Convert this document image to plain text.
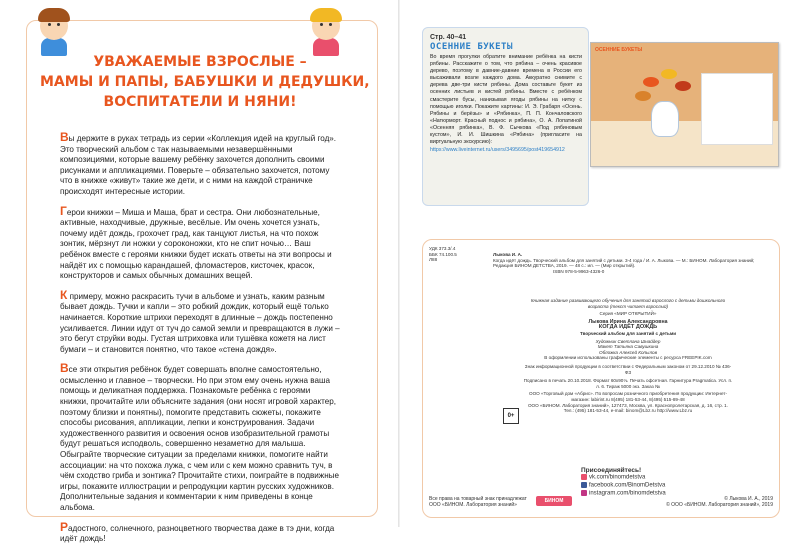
УВАЖАЕМЫЕ ВЗРОСЛЫЕ –
МАМЫ И ПАПЫ, БАБУШКИ И ДЕДУШКИ,
ВОСПИТАТЕЛИ И НЯНИ!

Вы держите в руках тетрадь из серии «Коллекция идей на круглый год». Это творческий альбом с так называемыми незавершёнными композициями, которые вашему ребёнку захочется дополнить своими рисунками и аппликациями. Поверьте – обязательно захочется, потому что в книжке «живут» такие же дети, и с ними на каждой страничке происходят интересные истории.

Герои книжки – Миша и Маша, брат и сестра. Они любознательные, активные, находчивые, дружные, весёлые. Им очень хочется узнать, почему идёт дождь, грохочет град, как танцуют листья, на что похож зонтик, мёрзнут ли ножки у сороконожки, кто не спит ночью… Ваш ребёнок вместе с героями книжки будет искать ответы на эти вопросы и найдёт их с помощью карандашей, фломастеров, кисточек, красок, конструкторов и самых обычных домашних вещей.

К примеру, можно раскрасить тучи в альбоме и узнать, каким разным бывает дождь. Тучки и капли – это робкий дождик, который ещё только начинается. Короткие штрихи переходят в длинные – дождь постепенно усиливается. Линии идут от туч до самой земли и превращаются в лужи – это бегут струйки воды. Густая штриховка или тушёвка кожетя на лист бумаги – и становится понятно, что такое «стена дождя».

Все эти открытия ребёнок будет совершать вполне самостоятельно, осмысленно и главное – творчески. Но при этом ему очень нужна ваша помощь и деликатная поддержка. Познакомьте ребёнка с героями книжки, прочитайте или объясните задания (они носят игровой характер, поэтому близки и понятны), помогите представить сюжеты, покажите способы рисования, аппликации, лепки и конструирования. Задачи художественного развития и освоения основ изобразительной грамоты будут решаться исподволь, совершенно незаметно для малыша. Обыграйте творческие ситуации за пределами книжки, помогите найти ассоциации: на что похожа лужа, с чем или с кем можно сравнить туч, в чём сходство гриба и зонтика? Прочитайте стихи, поиграйте в подвижные игры, покажите иллюстрации и репродукции картин русских художников. Дополнительные задания и комментарии к ним приведены в конце альбома.

Радостного, солнечного, разноцветного творчества даже в тэ дни, когда идёт дождь!

Стр. 40–41
ОСЕННИЕ БУКЕТЫ
Во время прогулки обратите внимание ребёнка на кисти рябины. Расскажите о том, что рябина – очень красивое дерево, поэтому в давние-давние времена в России его высаживали возле каждого дома. Аккуратно снимите с дерева две-три кисти рябины. Дома составьте букет из осенних листьев и кистей рябины. Вместе с ребёнком смастерите бусы, нанизывая ягоды рябины на нитку с помощью иголки. Покажите картины: И. Э. Грабаря «Осень. Рябины и берёзы» и «Рябинка», П. П. Кончаловского «Натюрморт. Красный поднос и рябина», О. А. Лопатиной «Осенняя рябинка», В. Ф. Сычкова «Под рябиновым кустом», И. И. Шишкина «Рябина» (пригласите на виртуальную экскурсию):
https://www.liveinternet.ru/users/3495695/post419654912
ОСЕННИЕ БУКЕТЫ
УДК 373.3/.4
ББК 74.100.5
Л88
Лыкова И. А.
Когда идёт дождь. Творческий альбом для занятий с детьми. 3-4 года / И. А. Лыкова. — М.: БИНОМ. Лаборатория знаний; Редакция БИНОМ ДЕТСТВА, 2019. — 48 с.: ил. — (Мир открытий).
ISBN 978-5-9963-4326-0
Книжная издание развивающего обучения для занятий взрослого с детьми дошкольного возраста (текст читает взрослый)
Серия «МИР ОТКРЫТИЙ»
Лыкова Ирина Александровна
КОГДА ИДЁТ ДОЖДЬ
Творческий альбом для занятий с детьми
Художник Светлана Шнайдер
Макет Татьяна Савушкина
Обложка Алексей Копылов
В оформлении использованы графические элементы с ресурса FREEPIK.com
Знак информационной продукции в соответствии с Федеральным законом от 29.12.2010 № 436-ФЗ
Подписано в печать 20.10.2018. Формат 60х90⅛. Печать офсетная. Гарнитура Pragmatica. Усл. п. л. 6. Тираж 5000 экз. Заказ №
ООО «Торговый дом «Абрис». По вопросам розничного приобретения продукции: Интернет-магазин: labirint.ru 8(495) 181-53-44, 8(495) 515-89-48
ООО «БИНОМ. Лаборатория знаний», 127473, Москва, ул. Краснопролетарская, д. 16, стр. 1. Тел.: (495) 181-53-44, e-mail: binom@Lbz.ru http://www.Lbz.ru
0+
Присоединяйтесь!
vk.com/binomdetstva
facebook.com/BinomDetstva
instagram.com/binomdetstva
Все права на товарный знак принадлежат ООО «БИНОМ. Лаборатория знаний»
БИНОМ	© Лыкова И. А., 2019
© ООО «БИНОМ. Лаборатория знаний», 2019
